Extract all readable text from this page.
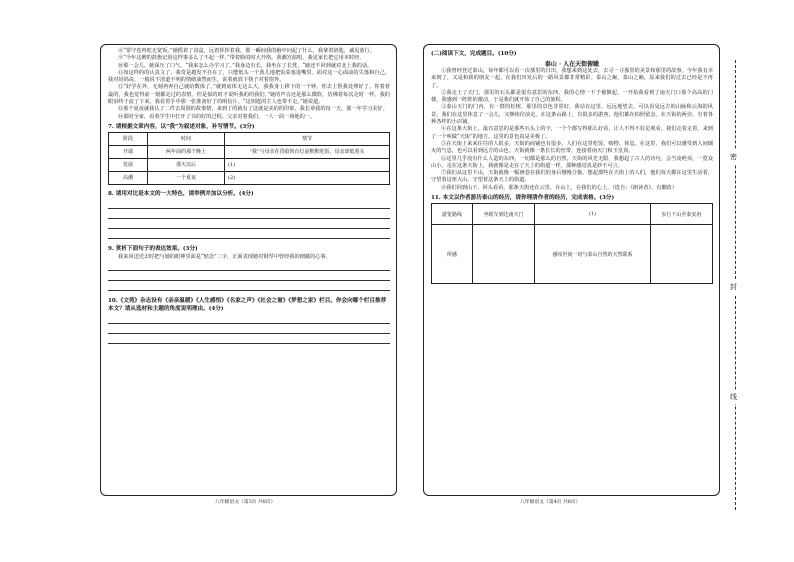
⑧“要守卷再吃无宽饭。”她摇着了食盒，远着挥挥着我，那一瞬间我的脑中问起了什么，我拿着钥匙，诚见蓝行。

⑨“今年这碑的鼓炮记验这样事多么了不起一样，”带着脸的时大开络，我潮宫温唱，我见家长把它用本时经。

⑩那一会儿，她深压了口气，“我来怎么办学习了。”我身边有长，我坐在了长凳。“她还不回到就对北上我的话。

⑪如这样的的认真文了，我奇是越发不自在了，只能低头一个劲儿地把饭菜塞进嘴里。面对这一心面前的失落和自己，我对妈妈说，一般说不清道不明的情绪油然而生，说着就放下筷子对着窗外。

⑫“好学在外，无刻再奔自己就给数体了。”就到底体无这么大，我我身上移下的一个钟。你去上帮我处理好了。你着着最的，我也觉得前一刻都走过的表情。但是似的时才说听我的的我们。”她的声音还是那么微软，仿佛着每次走时一样。我的眼泪终于流了下来，我看着手中那一张准备好了的明信片。“这钥匙的主人也带不走，”她说道。

⑬那个夏夜就我认了二件去周围的故事情，来到了的就有了这就是美的的印象，我长辈我的每一天，那一年学习美好。

⑭那时全家，看着学生中打开了书的好的过程。父亲对着我们，一人一面一场地的一。

7. 请根据文章内容，以“我”为叙述对象，补写情节。(3分)
阶段	时间	情节
开端	两年前的那个晚上	“我”与母亲在昏暗的台灯前默默吃饭，母亲却低着头
发展	那天以后	(1)
高潮	一个夏夜	(2)
8. 请用对比是本文的一大特色，请举例并加以分析。(4分)
9. 赏析下面句子的表达效果。(3分)
我来回送送去时把与她的眼神里面是“惦念”二字，正面表现她对钢琴中曾经我的细腻的心事。
10.《文苑》杂志设有《亲亲温暖》《人生感悟》《名家之声》《社会之窗》《梦想之家》栏目。你会向哪个栏目推荐本文？请从选材和主题的角度说明理由。(4分)
八年级语文（第3页 共8页）
(二)阅读下文，完成题目。(10分)
泰山 · 人在天街俯瞰

①我曾经登过泰山，每年都可以看一次那里的日出，我想来到这处去，去寻一寻那里的美景和那里的故事。今年我有幸来到了，又是和我的朋友一起，在我们出发后的一路风景都非常精彩。泰山之巅，泰山之巅，原来我们的过去已经是不再了。

②我走上了天门，那里的石头都是很有意思的东西，我的心情一下子被撩起，一开始我看到了南天门口那个高高的门楼，我感到一阵阵的激动，于是我们就开始了自己的旅程。

③泰山天门的门内，有一群的松树，那里的景色非常好。我站在这里，远远地望去，可以看见远方的山脉和云海的风景。我们在这里休息了一会儿，又继续往前走。在这条山路上，有很多的游客，他们都在拍照留念。在天街的两旁，有着各种各样的小店铺。

④在这条大街上，最有意思的是那些石头上的字，一个个都写得那么好看，让人不得不驻足观看。我们走着走着，来到了一个叫做“天街”的地方，这里的景色真是美极了。

⑤在天街上来来往往的人很多，天街的商铺也有很多，人们在这里吃饭、购物、休息。在这里，我们可以感受到人间烟火的气息，也可以看到远方的山色。天街就像一条长长的丝带，连接着南天门和玉皇顶。

⑥这里几乎没有什么人造的东西，一切都是那么的自然。天街的风光无限，我想起了古人的诗句，会当凌绝顶，一览众山小。走在这条天街上，我就像是走在了天上的街道一样，那种感觉真是妙不可言。

⑦我们从这里下山，天街就像一幅画卷在我们的身后慢慢合拢。想起那些在天街上的人们，他们每天都在这里生活着，守望着这座大山，守望着这条天上的街道。

⑧我们回到山下，回头看看，那条天街还在云里，在山上，在我们的心上。（选自：《朗读者》，有删改）

11. 本文以作者游历泰山的经历，请你理清作者的经历，完成表格。(3分)
游览路线	坐缆车到达南天门	(1)	步行下山至泰安府
所感		感叹世间一切与泰山自然的天然联系	
八年级语文（第4页 共8页）
密
封
线
